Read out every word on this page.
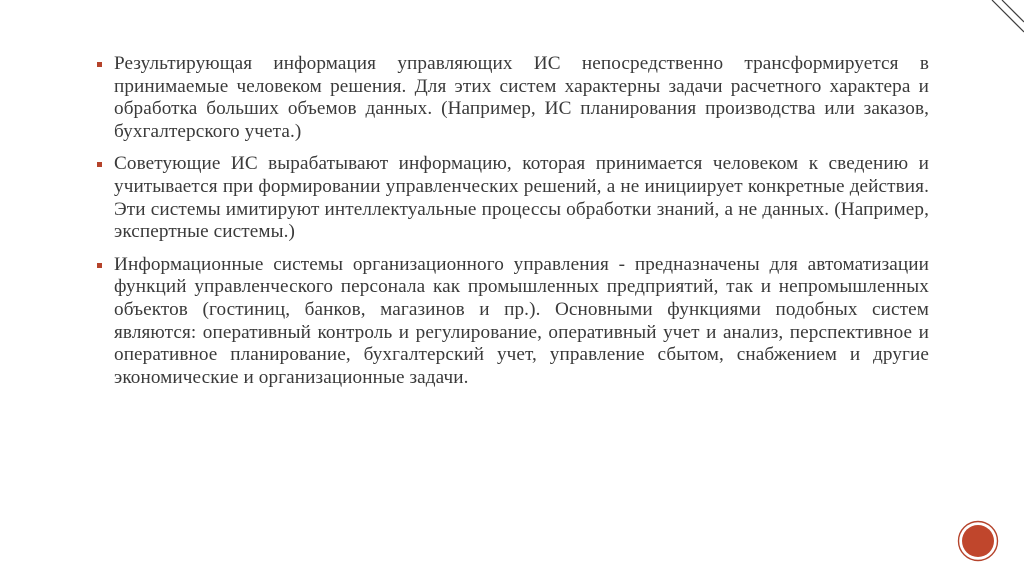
Результирующая информация управляющих ИС непосредственно трансформируется в принимаемые человеком решения. Для этих систем характерны задачи расчетного характера и обработка больших объемов данных. (Например, ИС планирования производства или заказов, бухгалтерского учета.)
Советующие ИС вырабатывают информацию, которая принимается человеком к сведению и учитывается при формировании управленческих решений, а не инициирует конкретные действия. Эти системы имитируют интеллектуальные процессы обработки знаний, а не данных. (Например, экспертные системы.)
Информационные системы организационного управления - предназначены для автоматизации функций управленческого персонала как промышленных предприятий, так и непромышленных объектов (гостиниц, банков, магазинов и пр.). Основными функциями подобных систем являются: оперативный контроль и регулирование, оперативный учет и анализ, перспективное и оперативное планирование, бухгалтерский учет, управление сбытом, снабжением и другие экономические и организационные задачи.
